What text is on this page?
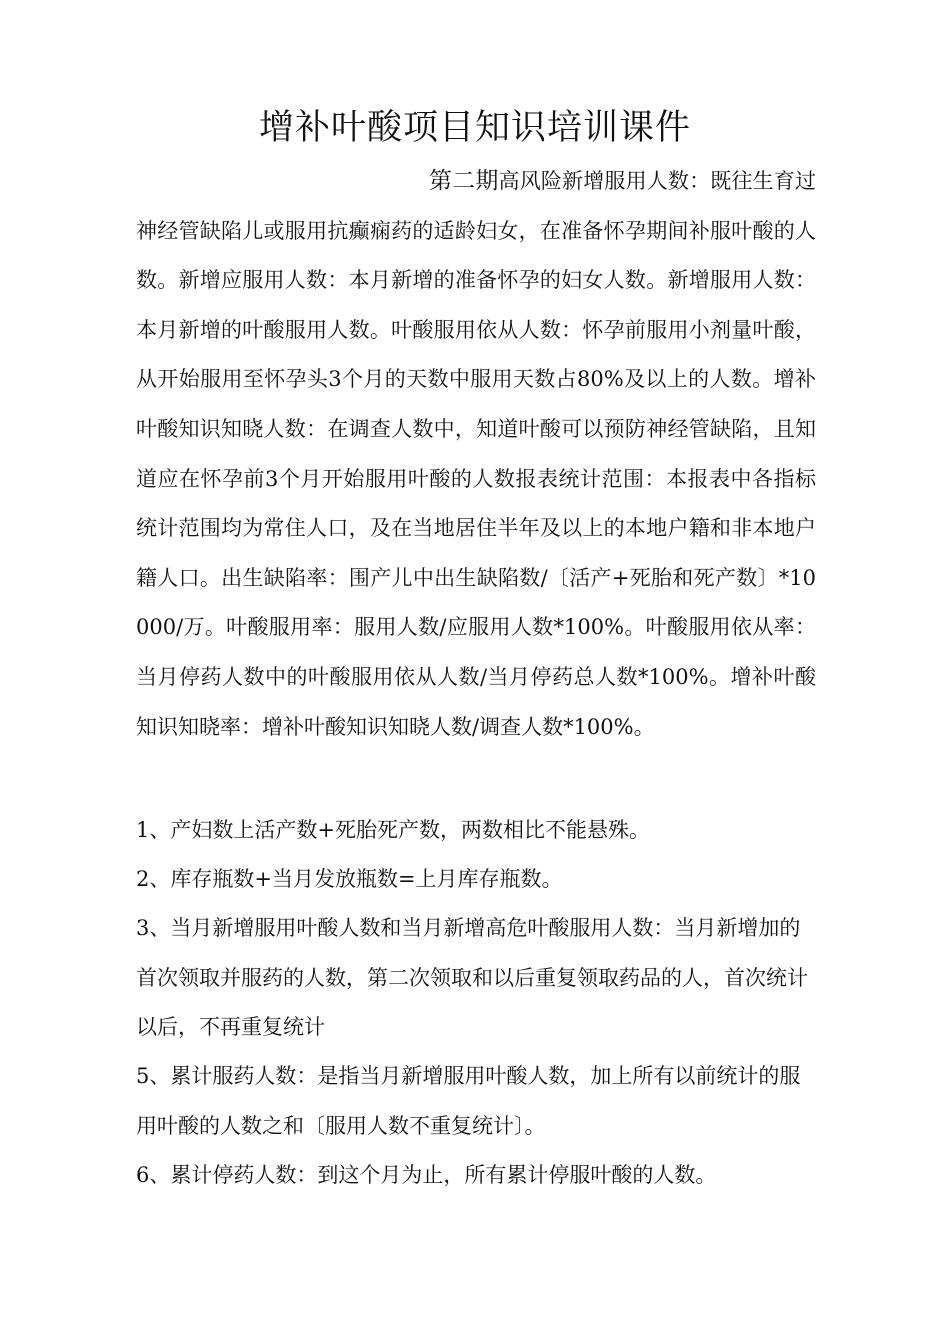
增补叶酸项目知识培训课件

第二期高风险新增服用人数：既往生育过神经管缺陷儿或服用抗癫痫药的适龄妇女，在准备怀孕期间补服叶酸的人数。新增应服用人数：本月新增的准备怀孕的妇女人数。新增服用人数：本月新增的叶酸服用人数。叶酸服用依从人数：怀孕前服用小剂量叶酸，从开始服用至怀孕头3个月的天数中服用天数占80%及以上的人数。增补叶酸知识知晓人数：在调查人数中，知道叶酸可以预防神经管缺陷，且知道应在怀孕前3个月开始服用叶酸的人数报表统计范围：本报表中各指标统计范围均为常住人口，及在当地居住半年及以上的本地户籍和非本地户籍人口。出生缺陷率：围产儿中出生缺陷数/〔活产+死胎和死产数〕*10000/万。叶酸服用率：服用人数/应服用人数*100%。叶酸服用依从率：当月停药人数中的叶酸服用依从人数/当月停药总人数*100%。增补叶酸知识知晓率：增补叶酸知识知晓人数/调查人数*100%。

1、产妇数上活产数+死胎死产数，两数相比不能悬殊。

2、库存瓶数+当月发放瓶数=上月库存瓶数。

3、当月新增服用叶酸人数和当月新增高危叶酸服用人数：当月新增加的首次领取并服药的人数，第二次领取和以后重复领取药品的人，首次统计以后，不再重复统计

5、累计服药人数：是指当月新增服用叶酸人数，加上所有以前统计的服用叶酸的人数之和〔服用人数不重复统计〕。

6、累计停药人数：到这个月为止，所有累计停服叶酸的人数。
